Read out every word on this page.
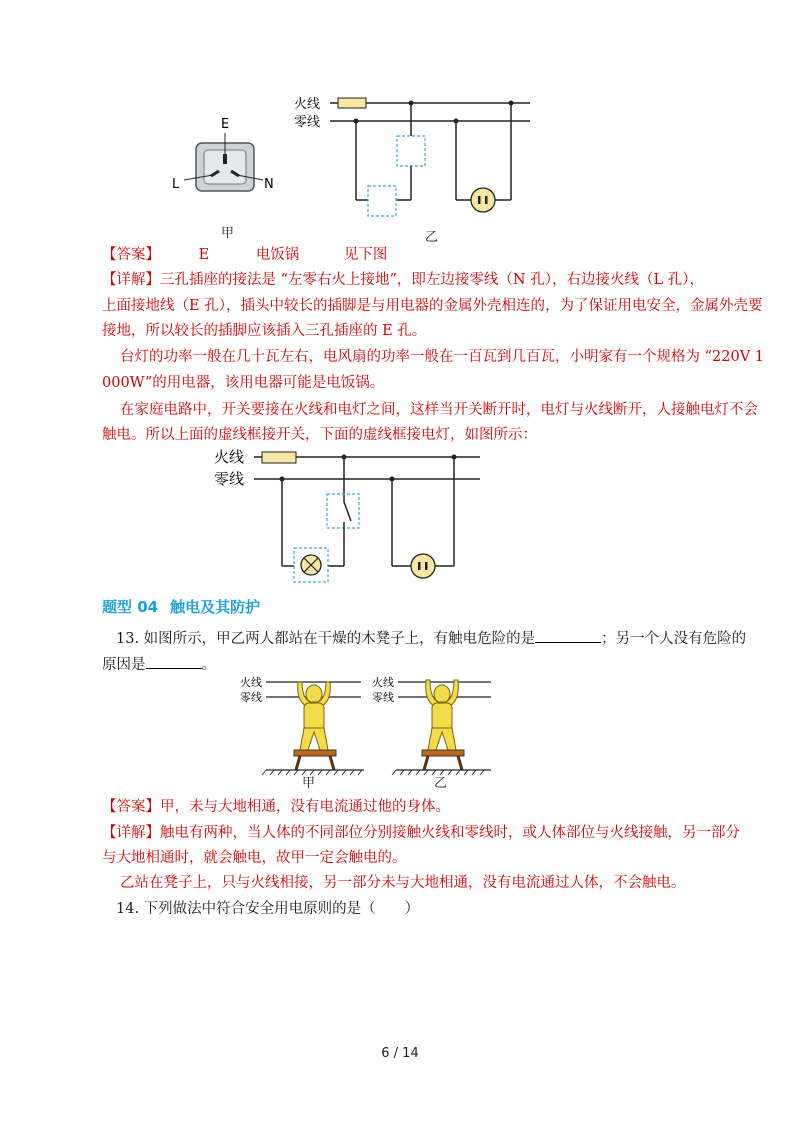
E
L	N
火线
零线
甲	乙
【答案】	E	电饭锅	见下图
【详解】三孔插座的接法是 “左零右火上接地”，即左边接零线（N 孔），右边接火线（L 孔），
上面接地线（E 孔），插头中较长的插脚是与用电器的金属外壳相连的，为了保证用电安全，金属外壳要
接地，所以较长的插脚应该插入三孔插座的 E 孔。
台灯的功率一般在几十瓦左右，电风扇的功率一般在一百瓦到几百瓦，小明家有一个规格为 “220V 1
000W”的用电器，该用电器可能是电饭锅。
在家庭电路中，开关要接在火线和电灯之间，这样当开关断开时，电灯与火线断开，人接触电灯不会
触电。所以上面的虚线框接开关，下面的虚线框接电灯，如图所示：
火线
零线
题型 04 触电及其防护
13. 如图所示，甲乙两人都站在干燥的木凳子上，有触电危险的是	；另一个人没有危险的
原因是	。
火线
零线
火线
零线
甲	乙
【答案】甲，未与大地相通，没有电流通过他的身体。
【详解】触电有两种，当人体的不同部位分别接触火线和零线时，或人体部位与火线接触，另一部分
与大地相通时，就会触电，故甲一定会触电的。
乙站在凳子上，只与火线相接，另一部分未与大地相通，没有电流通过人体，不会触电。
14. 下列做法中符合安全用电原则的是（　　）
6 / 14
